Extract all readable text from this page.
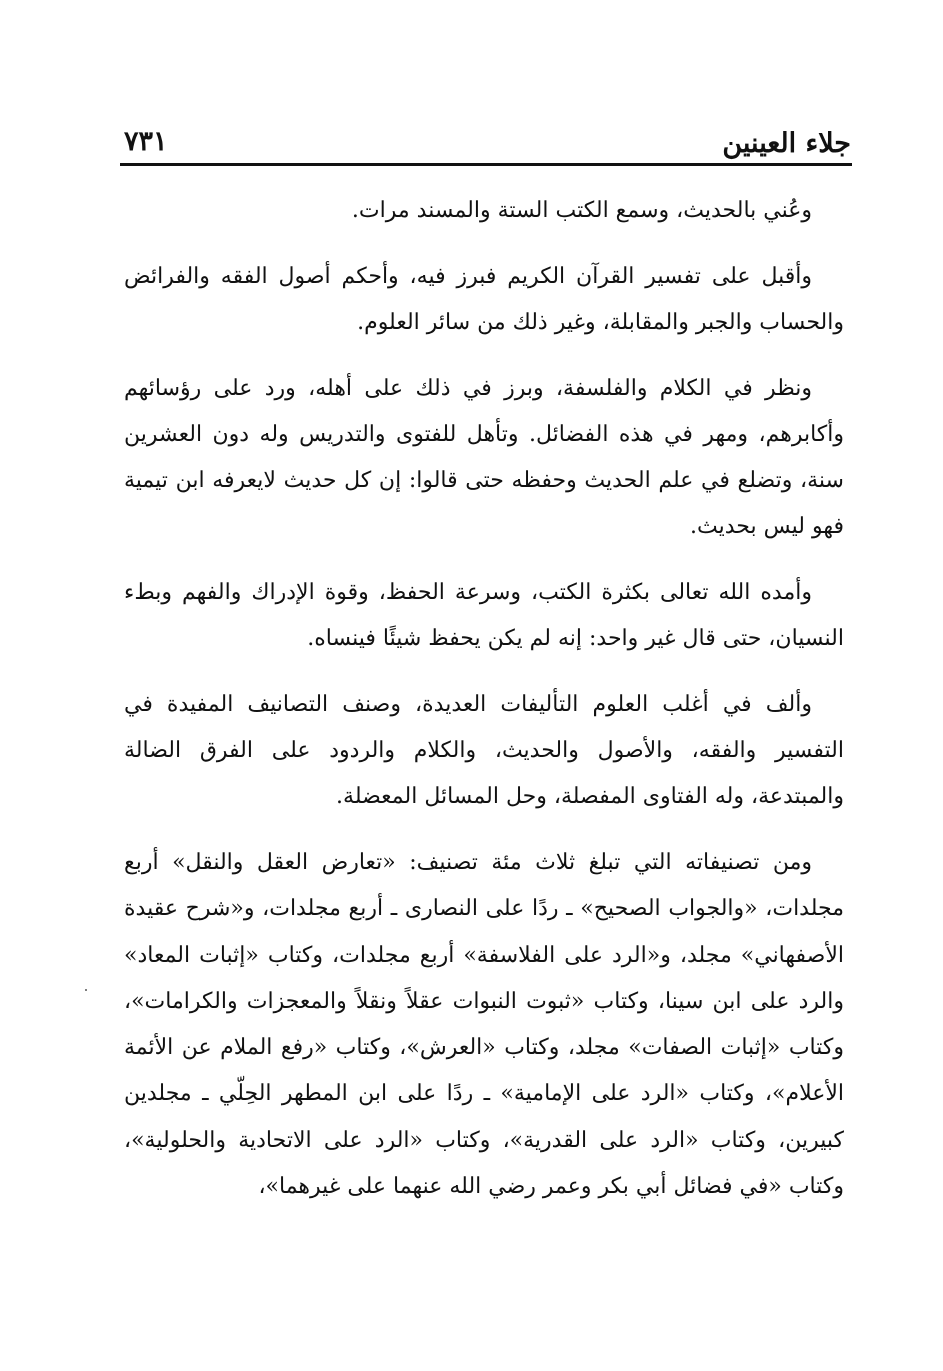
جلاء العينين
٧٣١

وعُني بالحديث، وسمع الكتب الستة والمسند مرات.

وأقبل على تفسير القرآن الكريم فبرز فيه، وأحكم أصول الفقه والفرائض والحساب والجبر والمقابلة، وغير ذلك من سائر العلوم.

ونظر في الكلام والفلسفة، وبرز في ذلك على أهله، ورد على رؤسائهم وأكابرهم، ومهر في هذه الفضائل. وتأهل للفتوى والتدريس وله دون العشرين سنة، وتضلع في علم الحديث وحفظه حتى قالوا: إن كل حديث لايعرفه ابن تيمية فهو ليس بحديث.

وأمده الله تعالى بكثرة الكتب، وسرعة الحفظ، وقوة الإدراك والفهم وبطء النسيان، حتى قال غير واحد: إنه لم يكن يحفظ شيئًا فينساه.

وألف في أغلب العلوم التأليفات العديدة، وصنف التصانيف المفيدة في التفسير والفقه، والأصول والحديث، والكلام والردود على الفرق الضالة والمبتدعة، وله الفتاوى المفصلة، وحل المسائل المعضلة.

ومن تصنيفاته التي تبلغ ثلاث مئة تصنيف: «تعارض العقل والنقل» أربع مجلدات، «والجواب الصحيح» ـ ردًا على النصارى ـ أربع مجلدات، و«شرح عقيدة الأصفهاني» مجلد، و«الرد على الفلاسفة» أربع مجلدات، وكتاب «إثبات المعاد» والرد على ابن سينا، وكتاب «ثبوت النبوات عقلاً ونقلاً والمعجزات والكرامات»، وكتاب «إثبات الصفات» مجلد، وكتاب «العرش»، وكتاب «رفع الملام عن الأئمة الأعلام»، وكتاب «الرد على الإمامية» ـ ردًا على ابن المطهر الحِلّي ـ مجلدين كبيرين، وكتاب «الرد على القدرية»، وكتاب «الرد على الاتحادية والحلولية»، وكتاب «في فضائل أبي بكر وعمر رضي الله عنهما على غيرهما»،
